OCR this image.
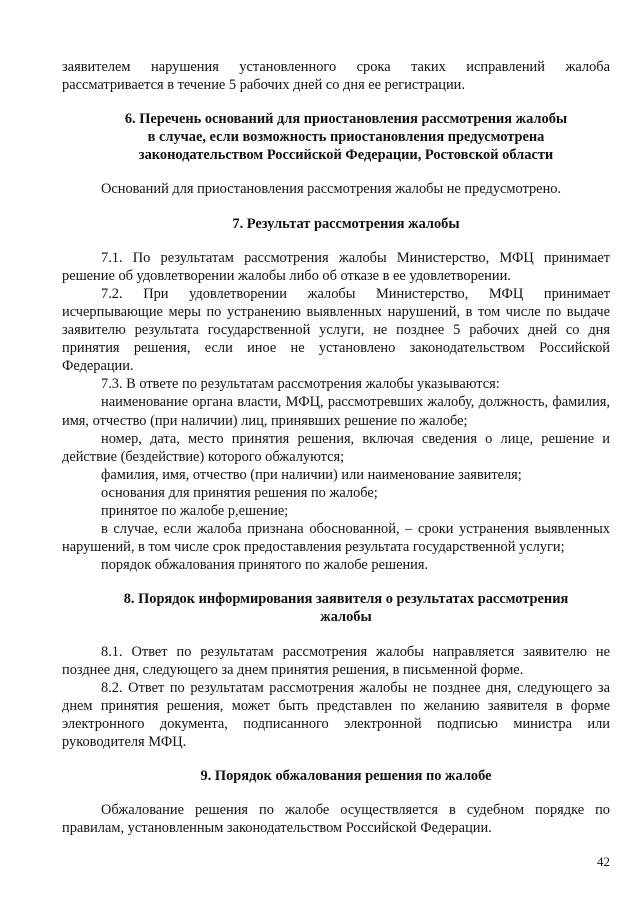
заявителем нарушения установленного срока таких исправлений жалоба рассматривается в течение 5 рабочих дней со дня ее регистрации.

6. Перечень оснований для приостановления рассмотрения жалобы
в случае, если возможность приостановления предусмотрена
законодательством Российской Федерации, Ростовской области

Оснований для приостановления рассмотрения жалобы не предусмотрено.

7. Результат рассмотрения жалобы

7.1. По результатам рассмотрения жалобы Министерство, МФЦ принимает решение об удовлетворении жалобы либо об отказе в ее удовлетворении.

7.2. При удовлетворении жалобы Министерство, МФЦ принимает исчерпывающие меры по устранению выявленных нарушений, в том числе по выдаче заявителю результата государственной услуги, не позднее 5 рабочих дней со дня принятия решения, если иное не установлено законодательством Российской Федерации.

7.3. В ответе по результатам рассмотрения жалобы указываются:

наименование органа власти, МФЦ, рассмотревших жалобу, должность, фамилия, имя, отчество (при наличии) лиц, принявших решение по жалобе;

номер, дата, место принятия решения, включая сведения о лице, решение и действие (бездействие) которого обжалуются;

фамилия, имя, отчество (при наличии) или наименование заявителя;

основания для принятия решения по жалобе;

принятое по жалобе р,ешение;

в случае, если жалоба признана обоснованной, – сроки устранения выявленных нарушений, в том числе срок предоставления результата государственной услуги;

порядок обжалования принятого по жалобе решения.

8. Порядок информирования заявителя о результатах рассмотрения
жалобы

8.1. Ответ по результатам рассмотрения жалобы направляется заявителю не позднее дня, следующего за днем принятия решения, в письменной форме.

8.2. Ответ по результатам рассмотрения жалобы не позднее дня, следующего за днем принятия решения, может быть представлен по желанию заявителя в форме электронного документа, подписанного электронной подписью министра или руководителя МФЦ.

9. Порядок обжалования решения по жалобе

Обжалование решения по жалобе осуществляется в судебном порядке по правилам, установленным законодательством Российской Федерации.

42
